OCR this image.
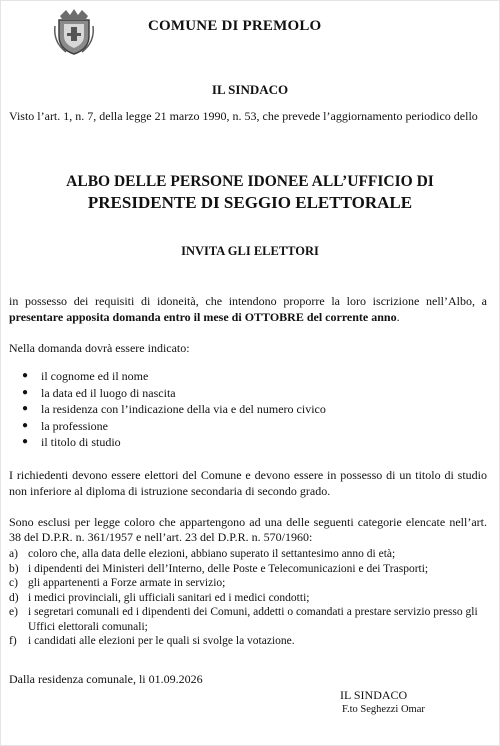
COMUNE DI PREMOLO
IL SINDACO
Visto l’art. 1, n. 7, della legge 21 marzo 1990, n. 53, che prevede l’aggiornamento periodico dello
ALBO DELLE PERSONE IDONEE ALL’UFFICIO DI
PRESIDENTE DI SEGGIO ELETTORALE
INVITA GLI ELETTORI
in possesso dei requisiti di idoneità, che intendono proporre la loro iscrizione nell’Albo, a presentare apposita domanda entro il mese di OTTOBRE del corrente anno.
Nella domanda dovrà essere indicato:
●	il cognome ed il nome
●	la data ed il luogo di nascita
●	la residenza con l’indicazione della via e del numero civico
●	la professione
●	il titolo di studio
I richiedenti devono essere elettori del Comune e devono essere in possesso di un titolo di studio non inferiore al diploma di istruzione secondaria di secondo grado.
Sono esclusi per legge coloro che appartengono ad una delle seguenti categorie elencate nell’art. 38 del D.P.R. n. 361/1957 e nell’art. 23 del D.P.R. n. 570/1960:
a) coloro che, alla data delle elezioni, abbiano superato il settantesimo anno di età;
b) i dipendenti dei Ministeri dell’Interno, delle Poste e Telecomunicazioni e dei Trasporti;
c) gli appartenenti a Forze armate in servizio;
d) i medici provinciali, gli ufficiali sanitari ed i medici condotti;
e) i segretari comunali ed i dipendenti dei Comuni, addetti o comandati a prestare servizio presso gli Uffici elettorali comunali;
f) i candidati alle elezioni per le quali si svolge la votazione.
Dalla residenza comunale, li 01.09.2026
IL SINDACO
F.to Seghezzi Omar
